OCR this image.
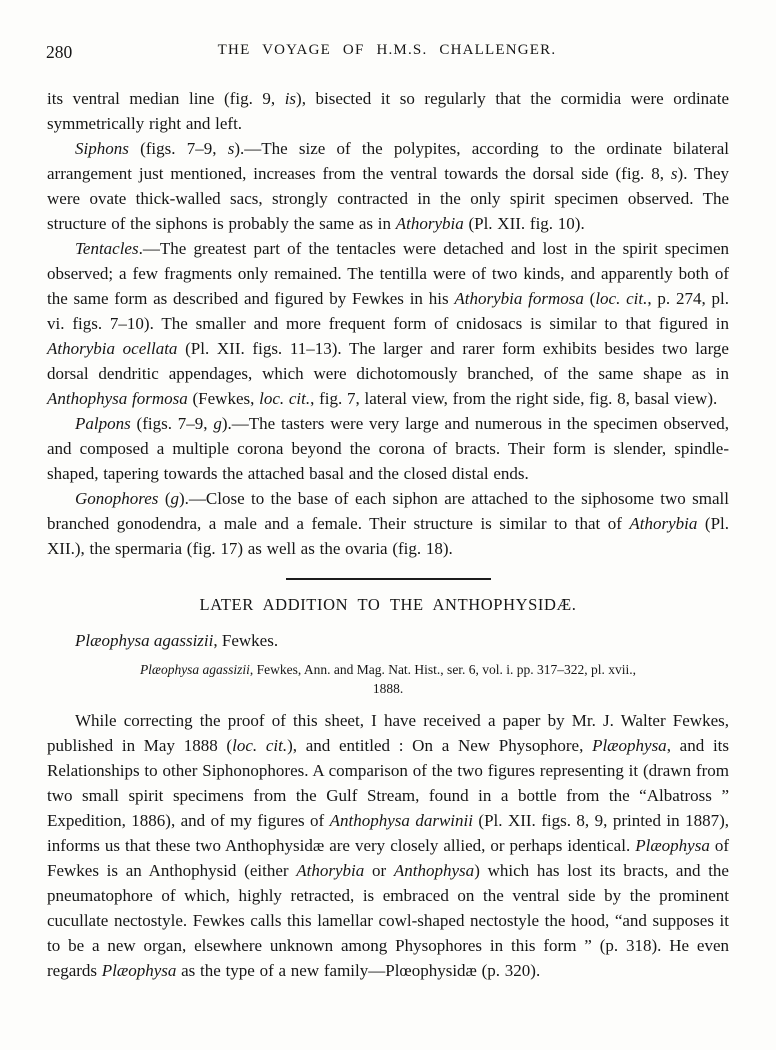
280	THE VOYAGE OF H.M.S. CHALLENGER.

its ventral median line (fig. 9, is), bisected it so regularly that the cormidia were ordinate symmetrically right and left.

Siphons (figs. 7–9, s).—The size of the polypites, according to the ordinate bilateral arrangement just mentioned, increases from the ventral towards the dorsal side (fig. 8, s). They were ovate thick-walled sacs, strongly contracted in the only spirit specimen observed. The structure of the siphons is probably the same as in Athorybia (Pl. XII. fig. 10).

Tentacles.—The greatest part of the tentacles were detached and lost in the spirit specimen observed; a few fragments only remained. The tentilla were of two kinds, and apparently both of the same form as described and figured by Fewkes in his Athorybia formosa (loc. cit., p. 274, pl. vi. figs. 7–10). The smaller and more frequent form of cnidosacs is similar to that figured in Athorybia ocellata (Pl. XII. figs. 11–13). The larger and rarer form exhibits besides two large dorsal dendritic appendages, which were dichotomously branched, of the same shape as in Anthophysa formosa (Fewkes, loc. cit., fig. 7, lateral view, from the right side, fig. 8, basal view).

Palpons (figs. 7–9, g).—The tasters were very large and numerous in the specimen observed, and composed a multiple corona beyond the corona of bracts. Their form is slender, spindle-shaped, tapering towards the attached basal and the closed distal ends.

Gonophores (g).—Close to the base of each siphon are attached to the siphosome two small branched gonodendra, a male and a female. Their structure is similar to that of Athorybia (Pl. XII.), the spermaria (fig. 17) as well as the ovaria (fig. 18).

LATER ADDITION TO THE ANTHOPHYSIDÆ.

Plæophysa agassizii, Fewkes.

Plæophysa agassizii, Fewkes, Ann. and Mag. Nat. Hist., ser. 6, vol. i. pp. 317–322, pl. xvii.,
1888.

While correcting the proof of this sheet, I have received a paper by Mr. J. Walter Fewkes, published in May 1888 (loc. cit.), and entitled : On a New Physophore, Plæophysa, and its Relationships to other Siphonophores. A comparison of the two figures representing it (drawn from two small spirit specimens from the Gulf Stream, found in a bottle from the “Albatross ” Expedition, 1886), and of my figures of Anthophysa darwinii (Pl. XII. figs. 8, 9, printed in 1887), informs us that these two Anthophysidæ are very closely allied, or perhaps identical. Plæophysa of Fewkes is an Anthophysid (either Athorybia or Anthophysa) which has lost its bracts, and the pneumatophore of which, highly retracted, is embraced on the ventral side by the prominent cucullate nectostyle. Fewkes calls this lamellar cowl-shaped nectostyle the hood, “and supposes it to be a new organ, elsewhere unknown among Physophores in this form ” (p. 318). He even regards Plæophysa as the type of a new family—Plœophysidæ (p. 320).
